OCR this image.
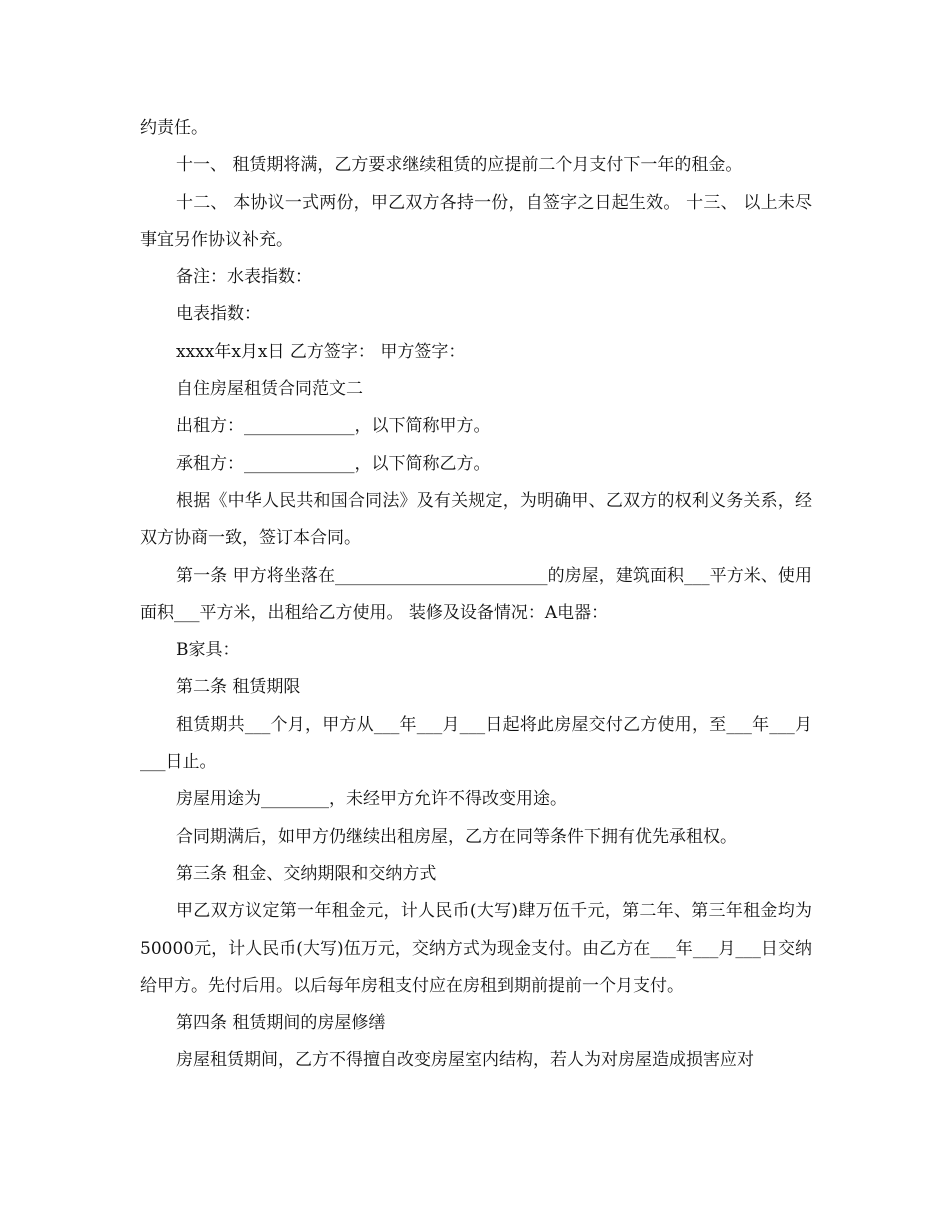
约责任。

十一、 租赁期将满，乙方要求继续租赁的应提前二个月支付下一年的租金。

十二、 本协议一式两份，甲乙双方各持一份，自签字之日起生效。 十三、 以上未尽事宜另作协议补充。

备注：水表指数：

电表指数：

xxxx年x月x日 乙方签字： 甲方签字：

自住房屋租赁合同范文二

出租方：_____________，以下简称甲方。

承租方：_____________，以下简称乙方。

根据《中华人民共和国合同法》及有关规定，为明确甲、乙双方的权利义务关系，经双方协商一致，签订本合同。

第一条 甲方将坐落在_________________________的房屋，建筑面积___平方米、使用面积___平方米，出租给乙方使用。 装修及设备情况：A电器：

B家具：

第二条 租赁期限

租赁期共___个月，甲方从___年___月___日起将此房屋交付乙方使用，至___年___月___日止。

房屋用途为________，未经甲方允许不得改变用途。

合同期满后，如甲方仍继续出租房屋，乙方在同等条件下拥有优先承租权。

第三条 租金、交纳期限和交纳方式

甲乙双方议定第一年租金元，计人民币(大写)肆万伍千元，第二年、第三年租金均为50000元，计人民币(大写)伍万元，交纳方式为现金支付。由乙方在___年___月___日交纳给甲方。先付后用。以后每年房租支付应在房租到期前提前一个月支付。

第四条 租赁期间的房屋修缮

房屋租赁期间，乙方不得擅自改变房屋室内结构，若人为对房屋造成损害应对
